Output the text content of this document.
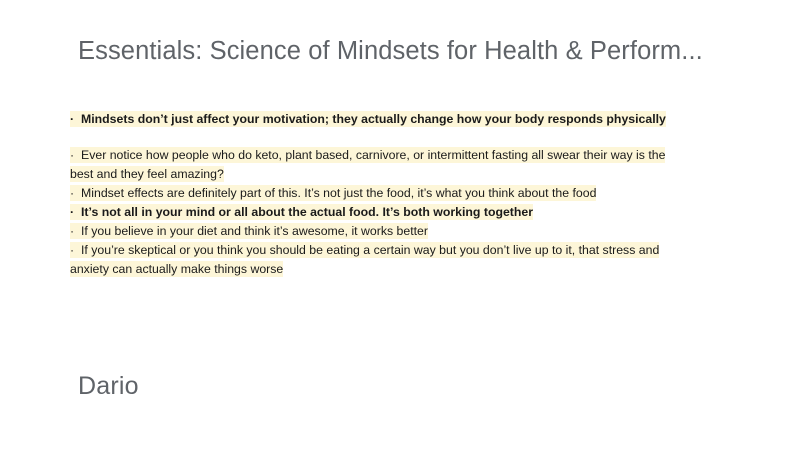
Essentials: Science of Mindsets for Health & Perform...

· Mindsets don’t just affect your motivation; they actually change how your body responds physically

· Ever notice how people who do keto, plant based, carnivore, or intermittent fasting all swear their way is the best and they feel amazing?

· Mindset effects are definitely part of this. It’s not just the food, it’s what you think about the food

· It’s not all in your mind or all about the actual food. It’s both working together

· If you believe in your diet and think it’s awesome, it works better

· If you’re skeptical or you think you should be eating a certain way but you don’t live up to it, that stress and anxiety can actually make things worse

Dario
